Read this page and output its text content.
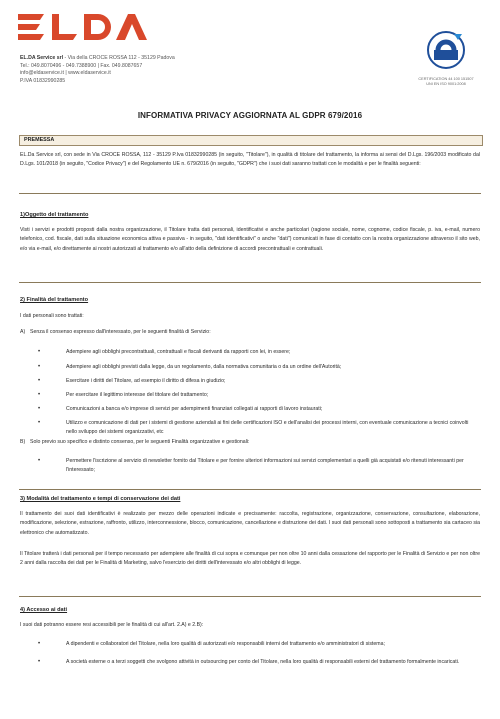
ELDA
EL.DA Service srl - Via della CROCE ROSSA 112 - 35129 Padova
Tel.: 049.8070496 - 049.7388900 | Fax. 049.8087657
info@eldaservice.it | www.eldaservice.it
P.IVA 01832990285	CERTIFICATION 44 100 151507
UNI EN ISO 9001:2008
INFORMATIVA PRIVACY AGGIORNATA AL GDPR 679/2016
PREMESSA
EL.Da Service srl, con sede in Via CROCE ROSSA, 112 - 35129 P.Iva 01832990285 (in seguito, "Titolare"), in qualità di titolare del trattamento, la informa ai sensi del D.Lgs. 196/2003 modificato dal D.Lgs. 101/2018 (in seguito, "Codice Privacy") e del Regolamento UE n. 679/2016 (in seguito, "GDPR") che i suoi dati saranno trattati con le modalità e per le finalità seguenti:
1)Oggetto del trattamento
Visti i servizi e prodotti proposti dalla nostra organizzazione, il Titolare tratta dati personali, identificativi e anche particolari (ragione sociale, nome, cognome, codice fiscale, p. iva, e-mail, numero telefonico, cod. fiscale, dati sulla situazione economica attiva e passiva - in seguito, "dati identificativi" o anche "dati") comunicati in fase di contatto con la nostra organizzazione attraverso il sito web, e/o via e-mail, e/o direttamente ai nostri autorizzati al trattamento e/o all'atto della definizione di accordi precontrattuali e contrattuali.
2) Finalità del trattamento
I dati personali sono trattati:
A) Senza il consenso espresso dall'interessato, per le seguenti finalità di Servizio:
•	Adempiere agli obblighi precontrattuali, contrattuali e fiscali derivanti da rapporti con lei, in essere;
•	Adempiere agli obblighi previsti dalla legge, da un regolamento, dalla normativa comunitaria o da un ordine dell'Autorità;
•	Esercitare i diritti del Titolare, ad esempio il diritto di difesa in giudizio;
•	Per esercitare il legittimo interesse del titolare del trattamento;
•	Comunicazioni a banca e/o imprese di servizi per adempimenti finanziari collegati ai rapporti di lavoro instaurati;
•	Utilizzo e comunicazione di dati per i sistemi di gestione aziendali ai fini delle certificazioni ISO e dell'analisi dei processi interni, con eventuale comunicazione a tecnici coinvolti nello sviluppo dei sistemi organizzativi, etc
B) Solo previo suo specifico e distinto consenso, per le seguenti Finalità organizzative e gestionali:
•	Permettere l'iscrizione al servizio di newsletter fornito dal Titolare e per fornire ulteriori informazioni sui servizi complementari a quelli già acquistati e/o ritenuti interessanti per l'interessato;
3) Modalità del trattamento e tempi di conservazione dei dati
Il trattamento dei suoi dati identificativi è realizzato per mezzo delle operazioni indicate e precisamente: raccolta, registrazione, organizzazione, conservazione, consultazione, elaborazione, modificazione, selezione, estrazione, raffronto, utilizzo, interconnessione, blocco, comunicazione, cancellazione e distruzione dei dati. I suoi dati personali sono sottoposti a trattamento sia cartaceo sia elettronico che automatizzato.
Il Titolare tratterà i dati personali per il tempo necessario per adempiere alle finalità di cui sopra e comunque per non oltre 10 anni dalla cessazione del rapporto per le Finalità di Servizio e per non oltre 2 anni dalla raccolta dei dati per le Finalità di Marketing, salvo l'esercizio dei diritti dell'interessato e/o altri obblighi di legge.
4) Accesso ai dati
I suoi dati potranno essere resi accessibili per le finalità di cui all'art. 2.A) e 2.B):
•	A dipendenti e collaboratori del Titolare, nella loro qualità di autorizzati e/o responsabili interni del trattamento e/o amministratori di sistema;
•	A società esterne o a terzi soggetti che svolgono attività in outsourcing per conto del Titolare, nella loro qualità di responsabili esterni del trattamento formalmente incaricati.
